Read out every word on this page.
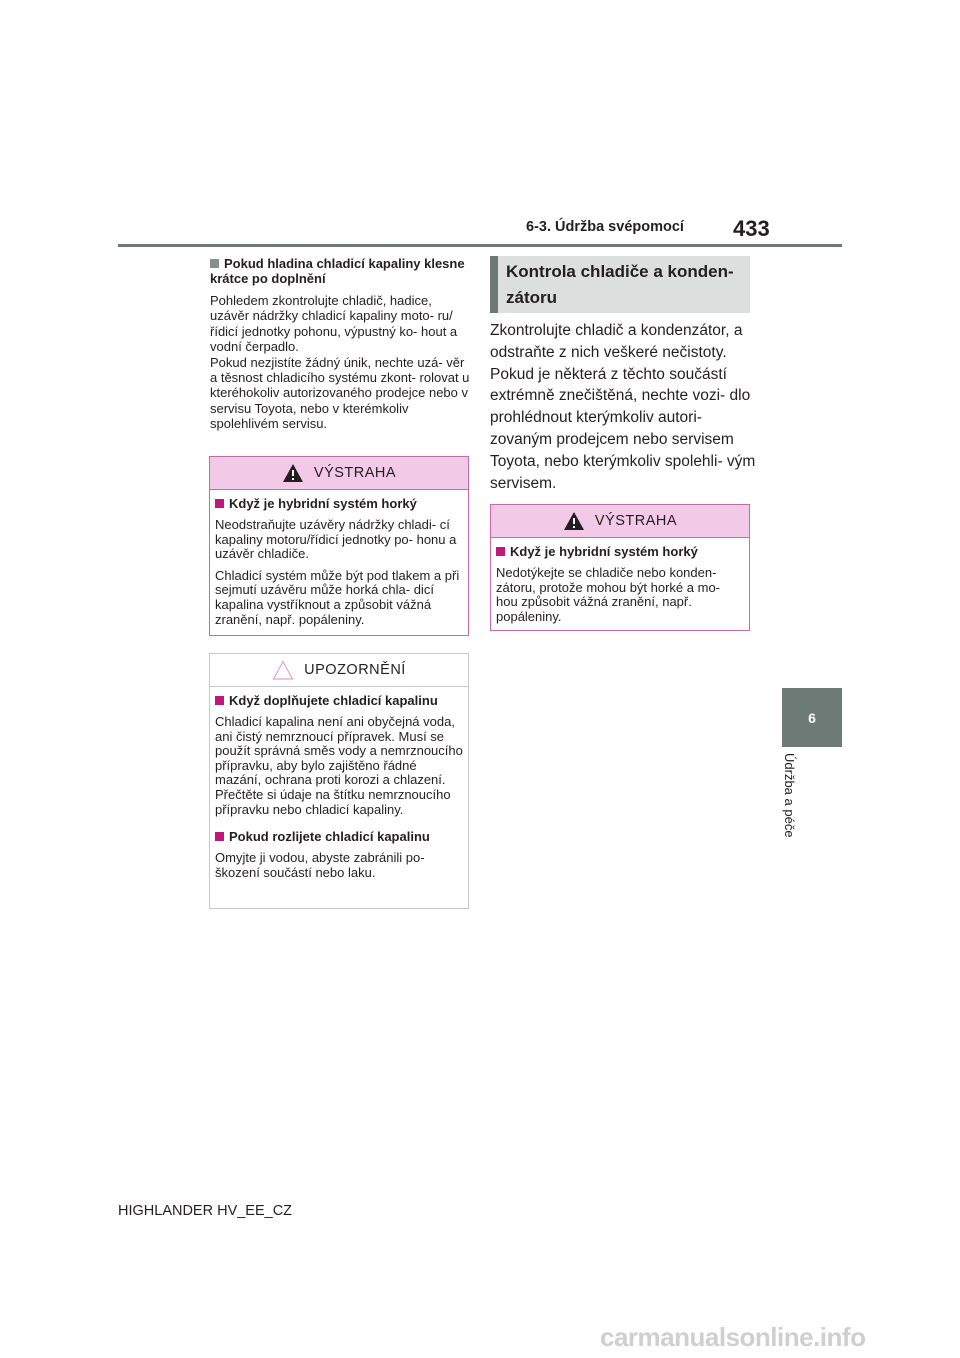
6-3. Údržba svépomocí 433
6
Údržba a péče
Pokud hladina chladicí kapaliny klesne krátce po doplnění
Pohledem zkontrolujte chladič, hadice, uzávěr nádržky chladicí kapaliny moto- ru/řídicí jednotky pohonu, výpustný ko- hout a vodní čerpadlo.
Pokud nezjistíte žádný únik, nechte uzá- věr a těsnost chladicího systému zkont- rolovat u kteréhokoliv autorizovaného prodejce nebo v servisu Toyota, nebo v kterémkoliv spolehlivém servisu.
VÝSTRAHA
Když je hybridní systém horký
Neodstraňujte uzávěry nádržky chladi- cí kapaliny motoru/řídicí jednotky po- honu a uzávěr chladiče.
Chladicí systém může být pod tlakem a při sejmutí uzávěru může horká chla- dicí kapalina vystříknout a způsobit vážná zranění, např. popáleniny.
UPOZORNĚNÍ
Když doplňujete chladicí kapalinu
Chladicí kapalina není ani obyčejná voda, ani čistý nemrznoucí přípravek. Musí se použít správná směs vody a nemrznoucího přípravku, aby bylo zajištěno řádné mazání, ochrana proti korozi a chlazení. Přečtěte si údaje na štítku nemrznoucího přípravku nebo chladicí kapaliny.
Pokud rozlijete chladicí kapalinu
Omyjte ji vodou, abyste zabránili po- škození součástí nebo laku.
Kontrola chladiče a konden- zátoru
Zkontrolujte chladič a kondenzátor, a odstraňte z nich veškeré nečistoty. Pokud je některá z těchto součástí extrémně znečištěná, nechte vozi- dlo prohlédnout kterýmkoliv autori- zovaným prodejcem nebo servisem Toyota, nebo kterýmkoliv spolehli- vým servisem.
VÝSTRAHA
Když je hybridní systém horký
Nedotýkejte se chladiče nebo konden- zátoru, protože mohou být horké a mo- hou způsobit vážná zranění, např. popáleniny.
HIGHLANDER HV_EE_CZ
carmanualsonline.info
